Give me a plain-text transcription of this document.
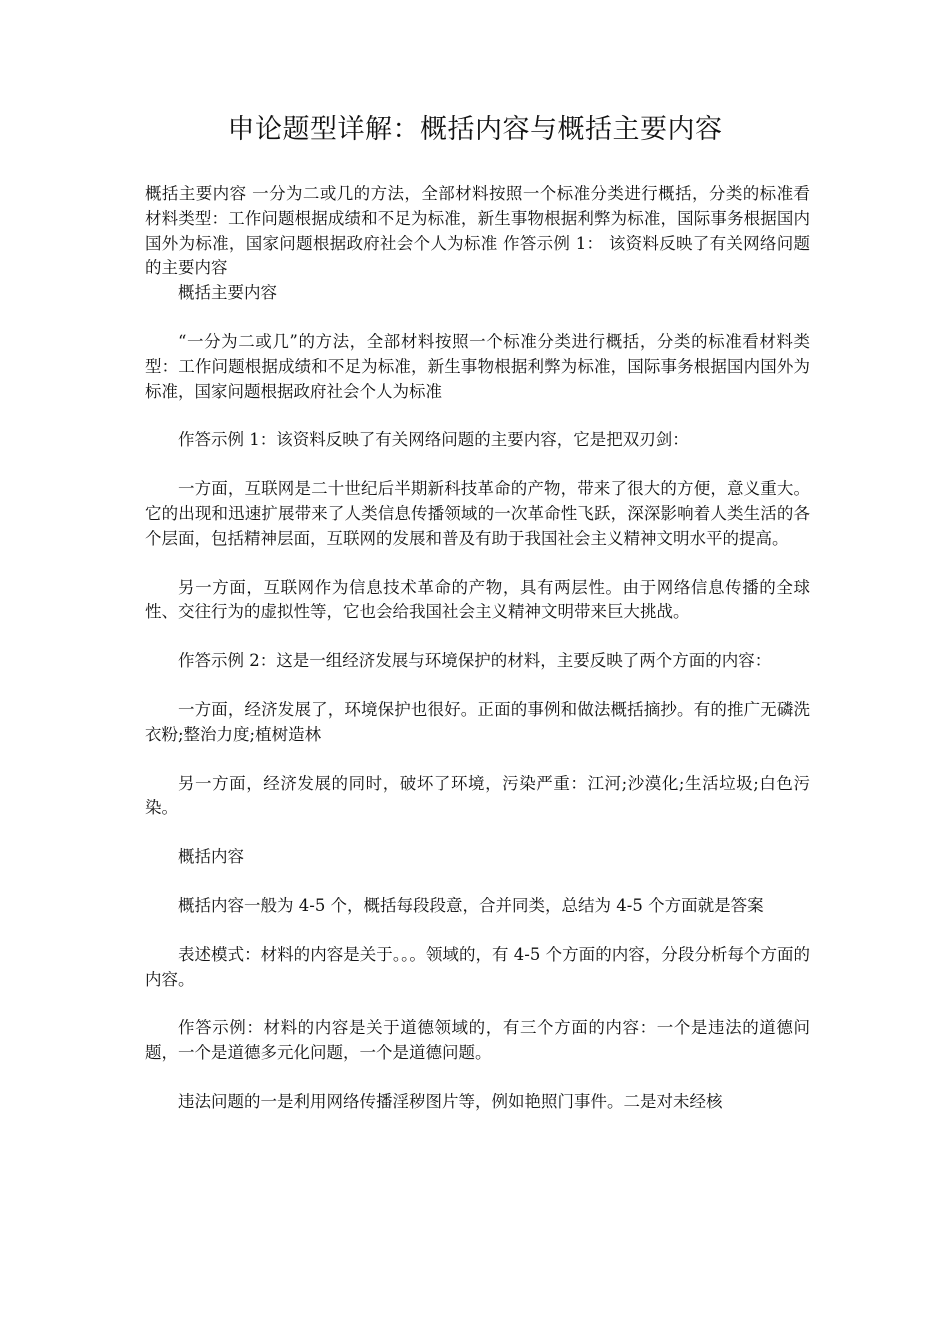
申论题型详解：概括内容与概括主要内容

概括主要内容 一分为二或几的方法，全部材料按照一个标准分类进行概括，分类的标准看材料类型：工作问题根据成绩和不足为标准，新生事物根据利弊为标准，国际事务根据国内国外为标准，国家问题根据政府社会个人为标准 作答示例 1： 该资料反映了有关网络问题的主要内容

概括主要内容

“一分为二或几”的方法，全部材料按照一个标准分类进行概括，分类的标准看材料类型：工作问题根据成绩和不足为标准，新生事物根据利弊为标准，国际事务根据国内国外为标准，国家问题根据政府社会个人为标准

作答示例 1：该资料反映了有关网络问题的主要内容，它是把双刃剑：

一方面，互联网是二十世纪后半期新科技革命的产物，带来了很大的方便，意义重大。它的出现和迅速扩展带来了人类信息传播领域的一次革命性飞跃，深深影响着人类生活的各个层面，包括精神层面，互联网的发展和普及有助于我国社会主义精神文明水平的提高。

另一方面，互联网作为信息技术革命的产物，具有两层性。由于网络信息传播的全球性、交往行为的虚拟性等，它也会给我国社会主义精神文明带来巨大挑战。

作答示例 2：这是一组经济发展与环境保护的材料，主要反映了两个方面的内容：

一方面，经济发展了，环境保护也很好。正面的事例和做法概括摘抄。有的推广无磷洗衣粉;整治力度;植树造林

另一方面，经济发展的同时，破坏了环境，污染严重：江河;沙漠化;生活垃圾;白色污染。

概括内容

概括内容一般为 4-5 个，概括每段段意，合并同类，总结为 4-5 个方面就是答案

表述模式：材料的内容是关于。。。领域的，有 4-5 个方面的内容，分段分析每个方面的内容。

作答示例：材料的内容是关于道德领域的，有三个方面的内容：一个是违法的道德问题，一个是道德多元化问题，一个是道德问题。

违法问题的一是利用网络传播淫秽图片等，例如艳照门事件。二是对未经核
